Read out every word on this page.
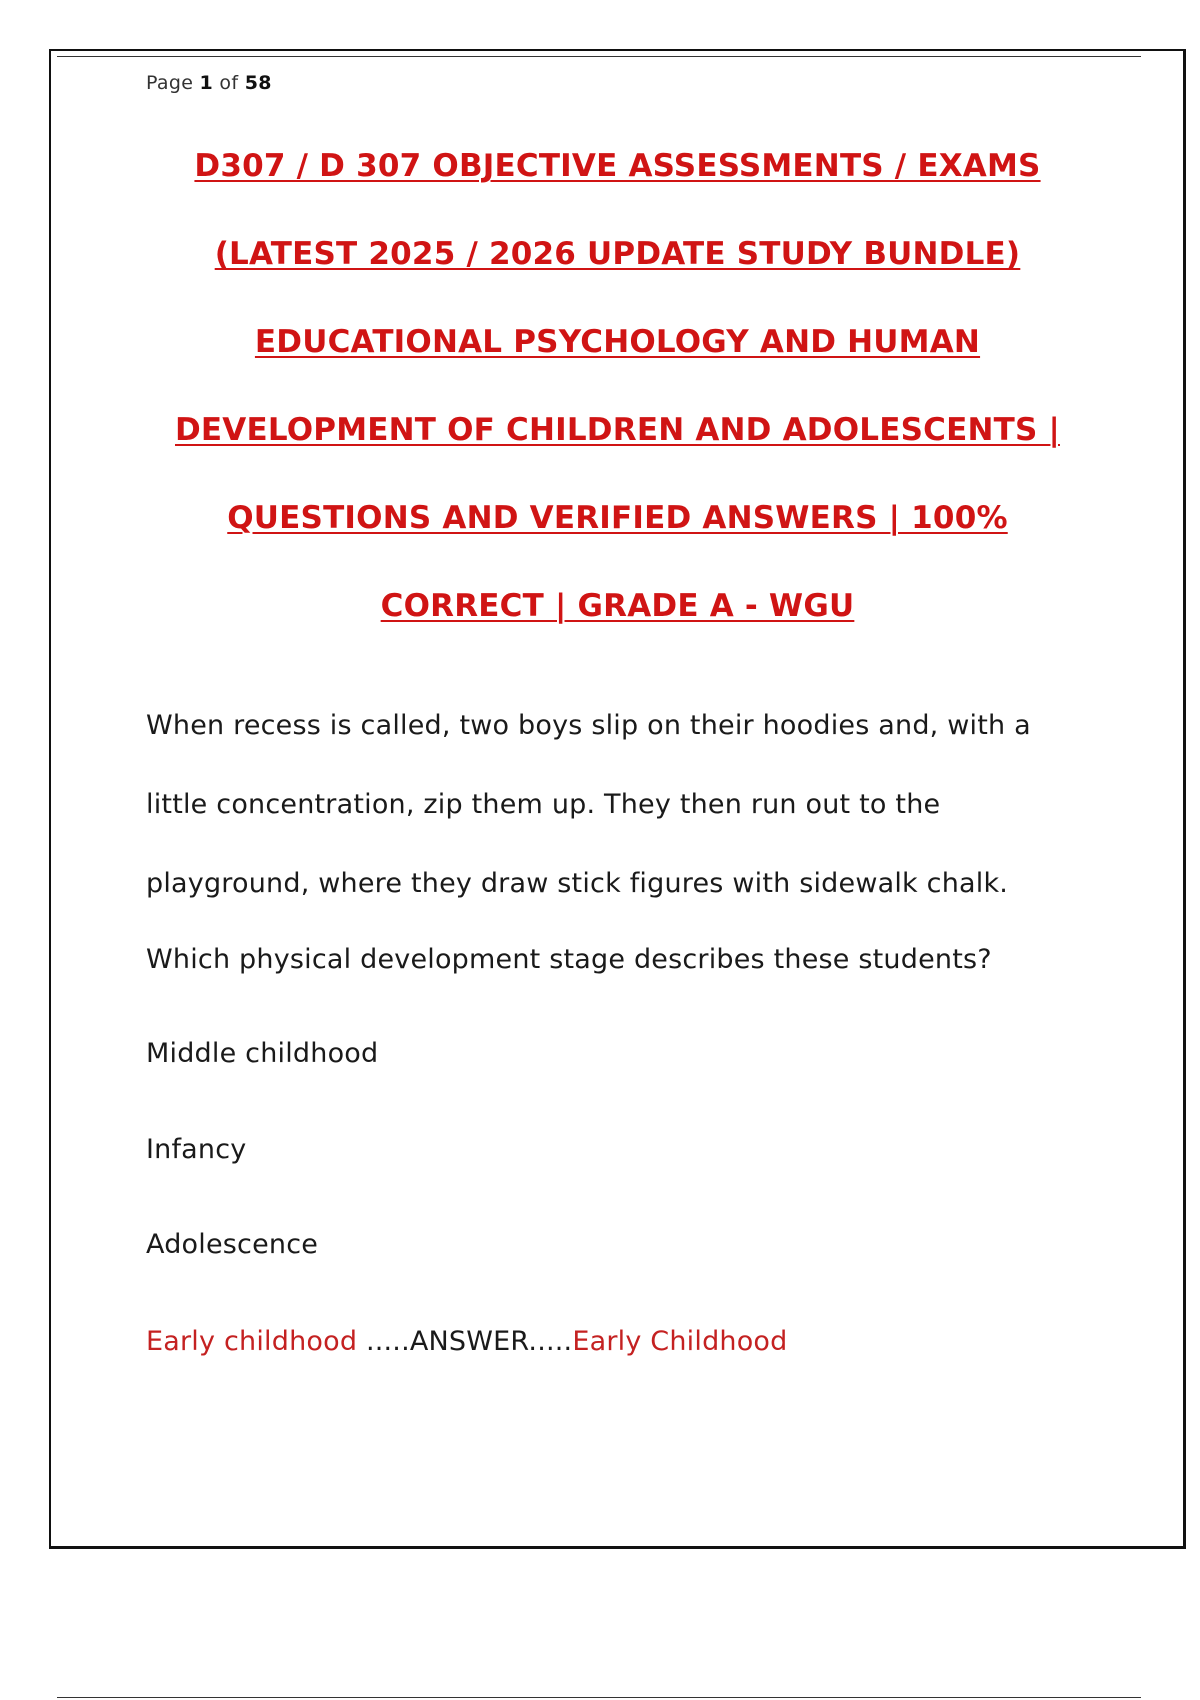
Page 1 of 58
D307 / D 307 OBJECTIVE ASSESSMENTS / EXAMS
(LATEST 2025 / 2026 UPDATE STUDY BUNDLE)
EDUCATIONAL PSYCHOLOGY AND HUMAN
DEVELOPMENT OF CHILDREN AND ADOLESCENTS |
QUESTIONS AND VERIFIED ANSWERS | 100%
CORRECT | GRADE A - WGU
When recess is called, two boys slip on their hoodies and, with a little concentration, zip them up. They then run out to the playground, where they draw stick figures with sidewalk chalk.
Which physical development stage describes these students?
Middle childhood
Infancy
Adolescence
Early childhood .....ANSWER.....Early Childhood
